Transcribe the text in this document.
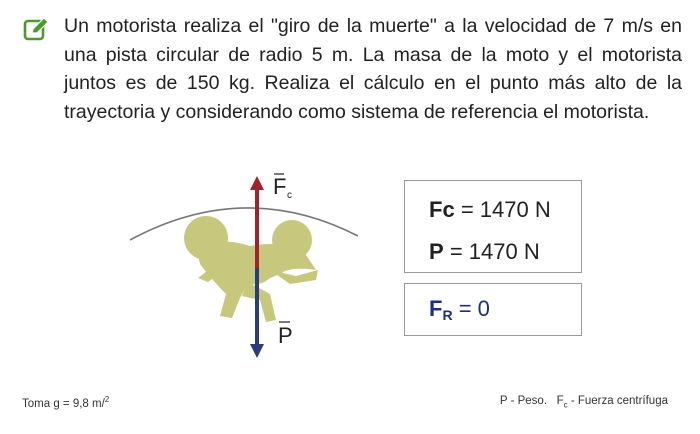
Un motorista realiza el "giro de la muerte" a la velocidad de 7 m/s en una pista circular de radio 5 m. La masa de la moto y el motorista juntos es de 150 kg. Realiza el cálculo en el punto más alto de la trayectoria y considerando como sistema de referencia el motorista.
F c
P
Fc = 1470 N
P = 1470 N
$F_R = 0$
Toma g = 9,8 m/$^2$	P - Peso. $F_c$ - Fuerza centrífuga
